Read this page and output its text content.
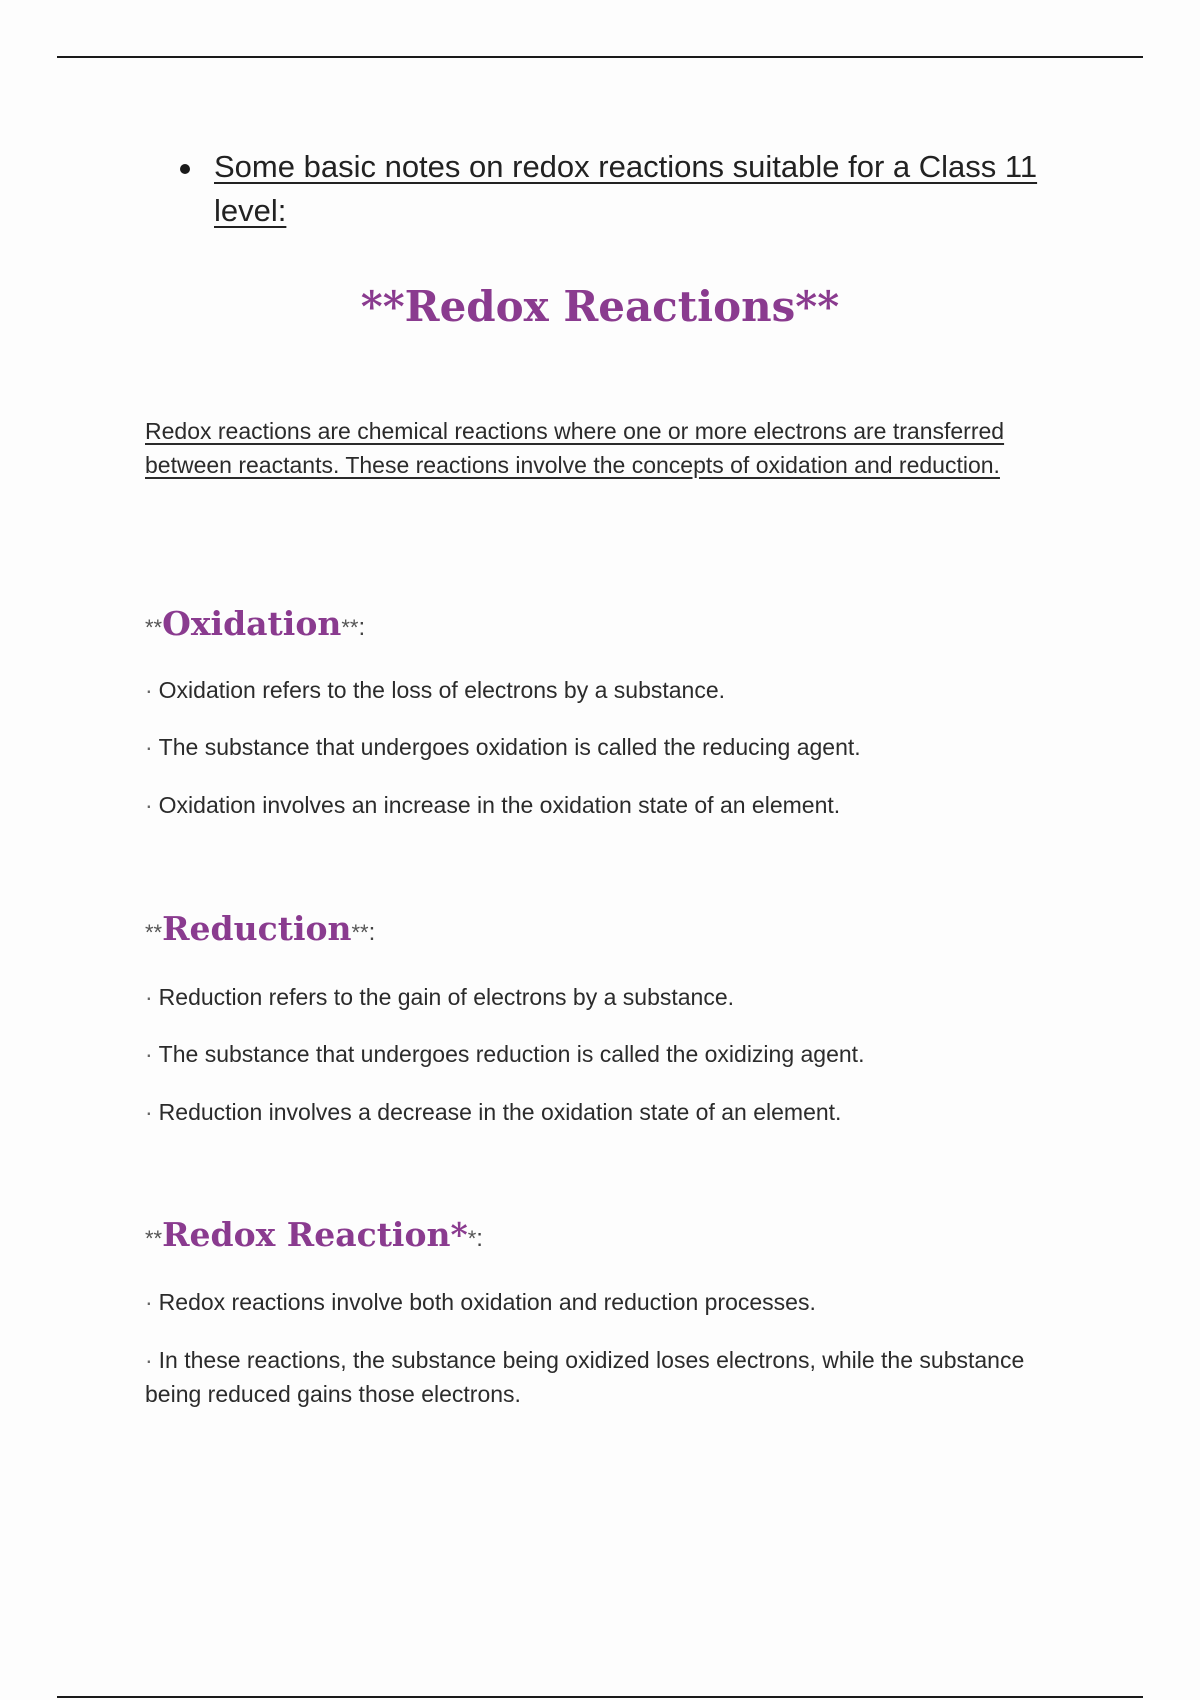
Some basic notes on redox reactions suitable for a Class 11 level:
**Redox Reactions**

Redox reactions are chemical reactions where one or more electrons are transferred between reactants. These reactions involve the concepts of oxidation and reduction.

**Oxidation**:

· Oxidation refers to the loss of electrons by a substance.

· The substance that undergoes oxidation is called the reducing agent.

· Oxidation involves an increase in the oxidation state of an element.

**Reduction**:

· Reduction refers to the gain of electrons by a substance.

· The substance that undergoes reduction is called the oxidizing agent.

· Reduction involves a decrease in the oxidation state of an element.

**Redox Reaction**:

· Redox reactions involve both oxidation and reduction processes.

· In these reactions, the substance being oxidized loses electrons, while the substance being reduced gains those electrons.
